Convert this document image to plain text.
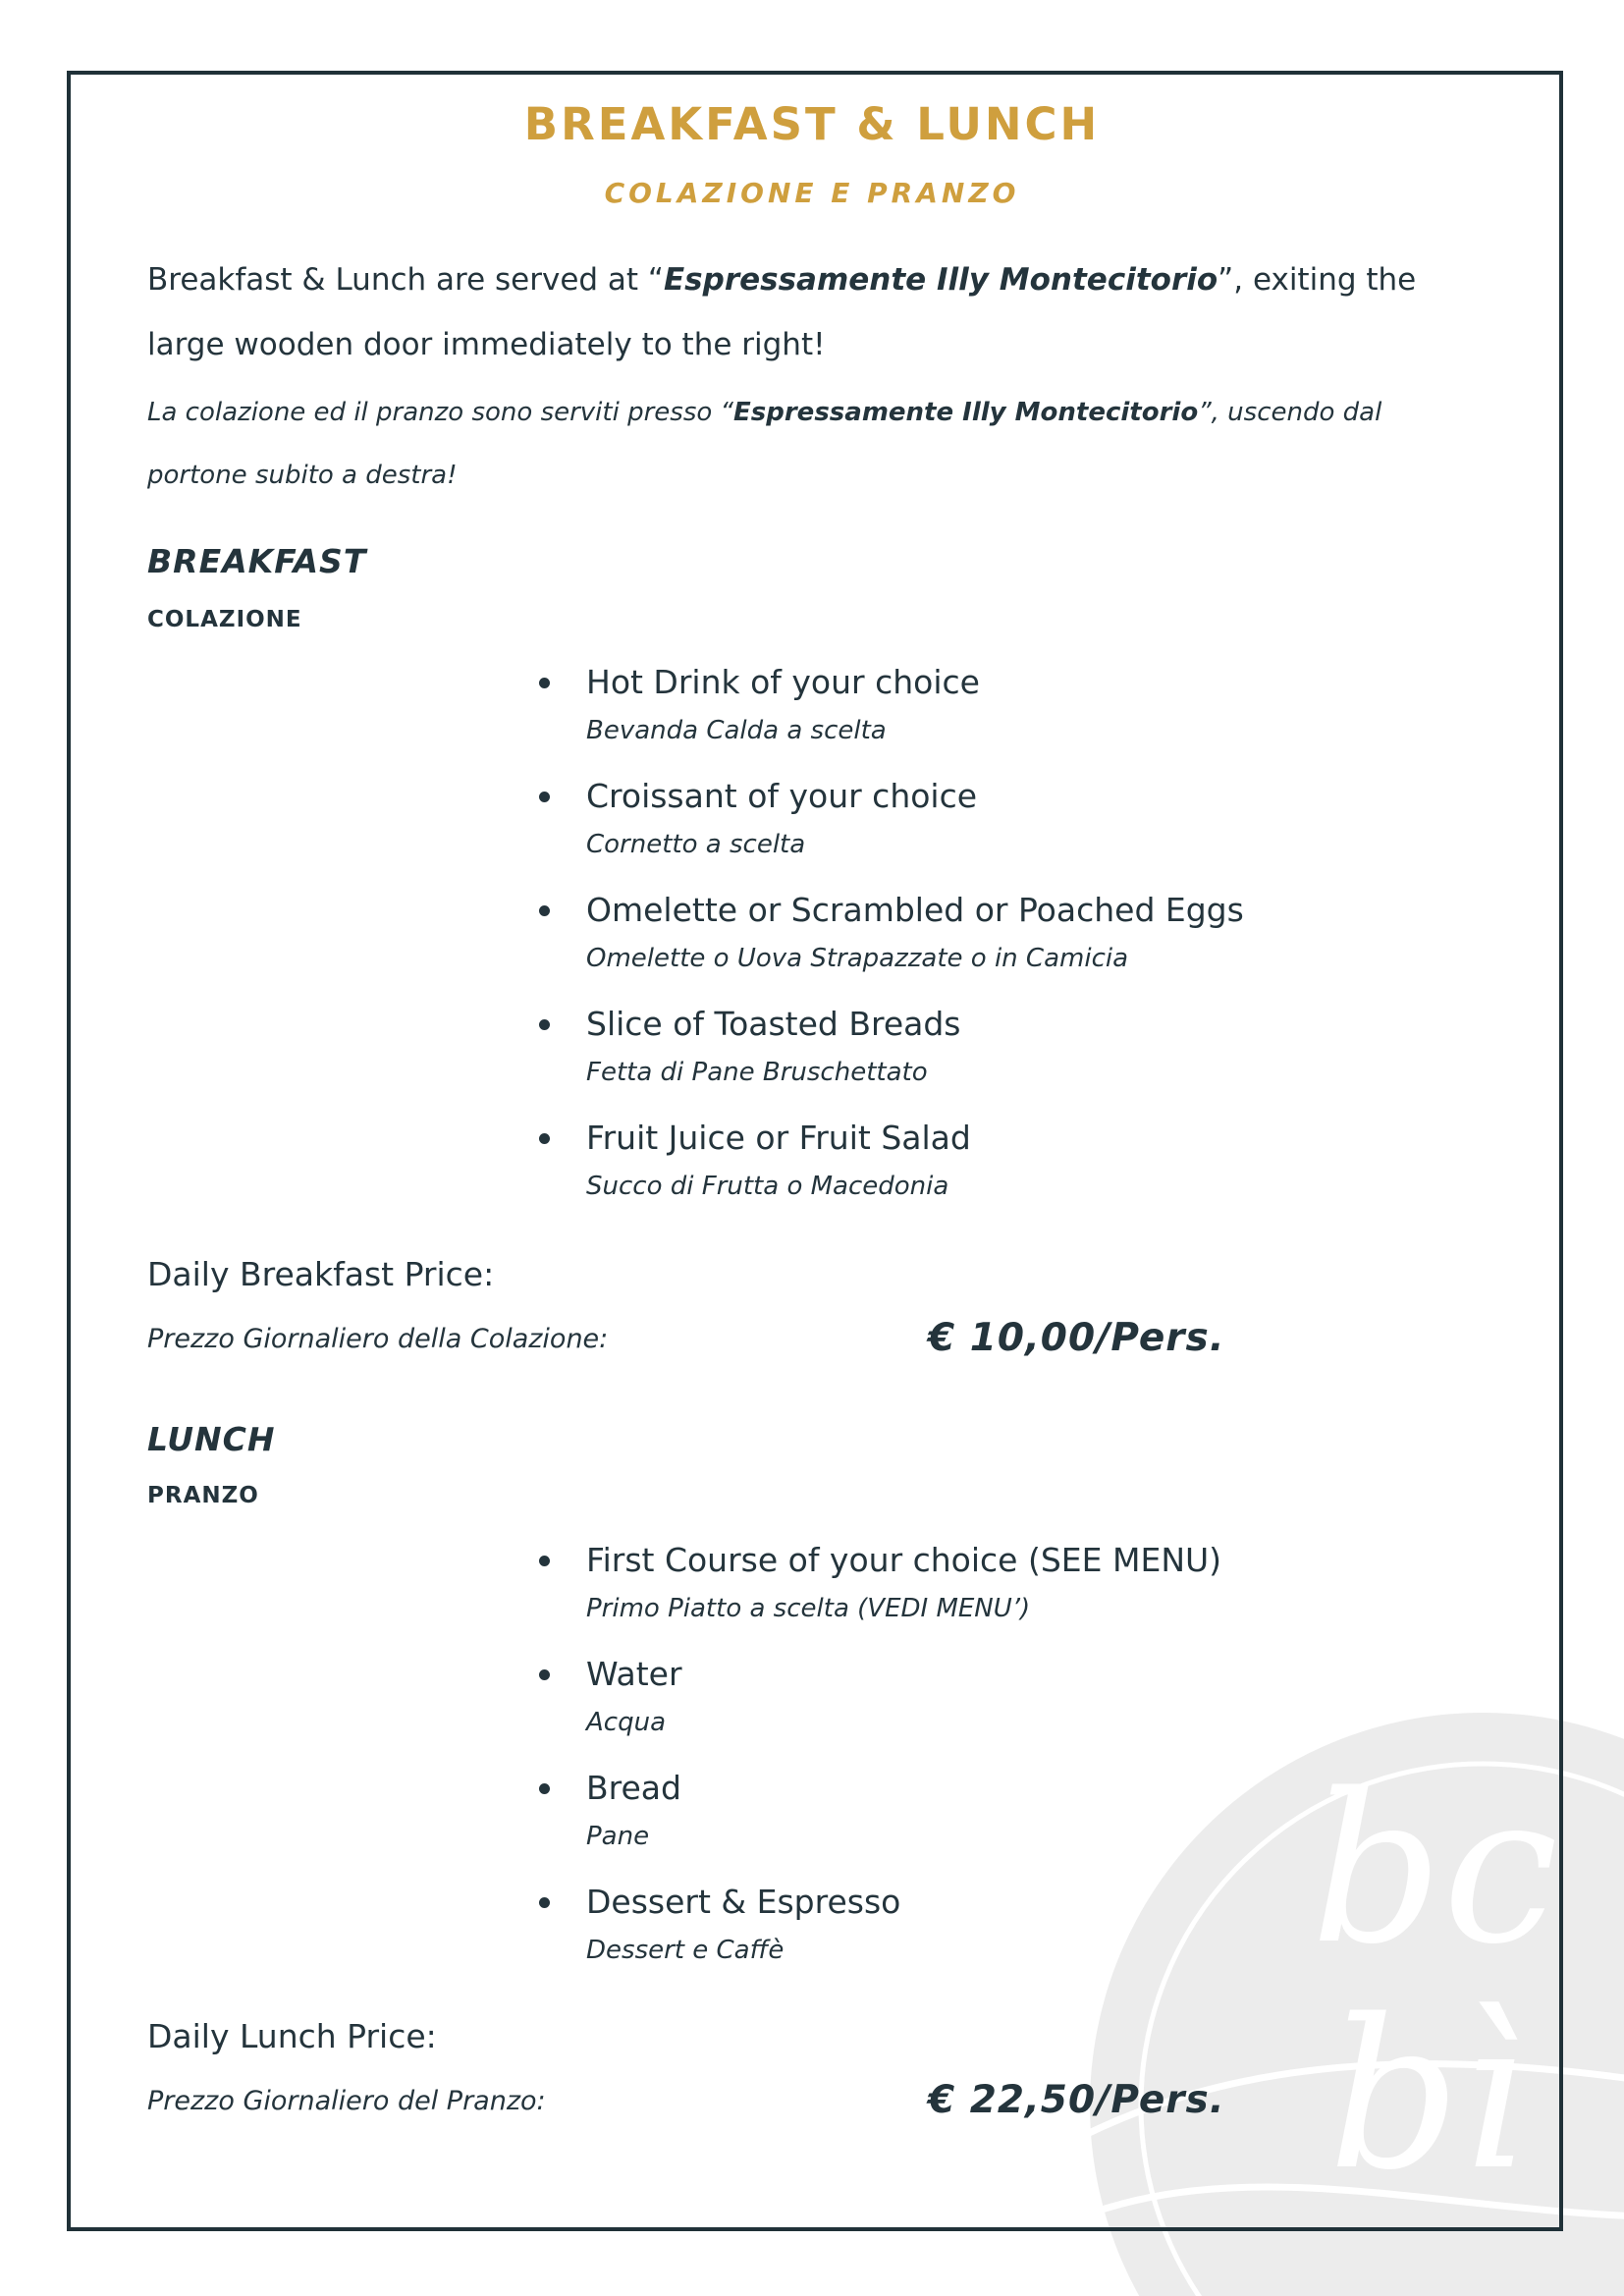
bc
bì
BREAKFAST & LUNCH
COLAZIONE E PRANZO
Breakfast & Lunch are served at “Espressamente Illy Montecitorio”, exiting the
large wooden door immediately to the right!
La colazione ed il pranzo sono serviti presso “Espressamente Illy Montecitorio”, uscendo dal
portone subito a destra!
BREAKFAST
COLAZIONE
Hot Drink of your choice
Bevanda Calda a scelta
Croissant of your choice
Cornetto a scelta
Omelette or Scrambled or Poached Eggs
Omelette o Uova Strapazzate o in Camicia
Slice of Toasted Breads
Fetta di Pane Bruschettato
Fruit Juice or Fruit Salad
Succo di Frutta o Macedonia
Daily Breakfast Price:
Prezzo Giornaliero della Colazione:	€ 10,00/Pers.
LUNCH
PRANZO
First Course of your choice (SEE MENU)
Primo Piatto a scelta (VEDI MENU’)
Water
Acqua
Bread
Pane
Dessert & Espresso
Dessert e Caffè
Daily Lunch Price:
Prezzo Giornaliero del Pranzo:	€ 22,50/Pers.
